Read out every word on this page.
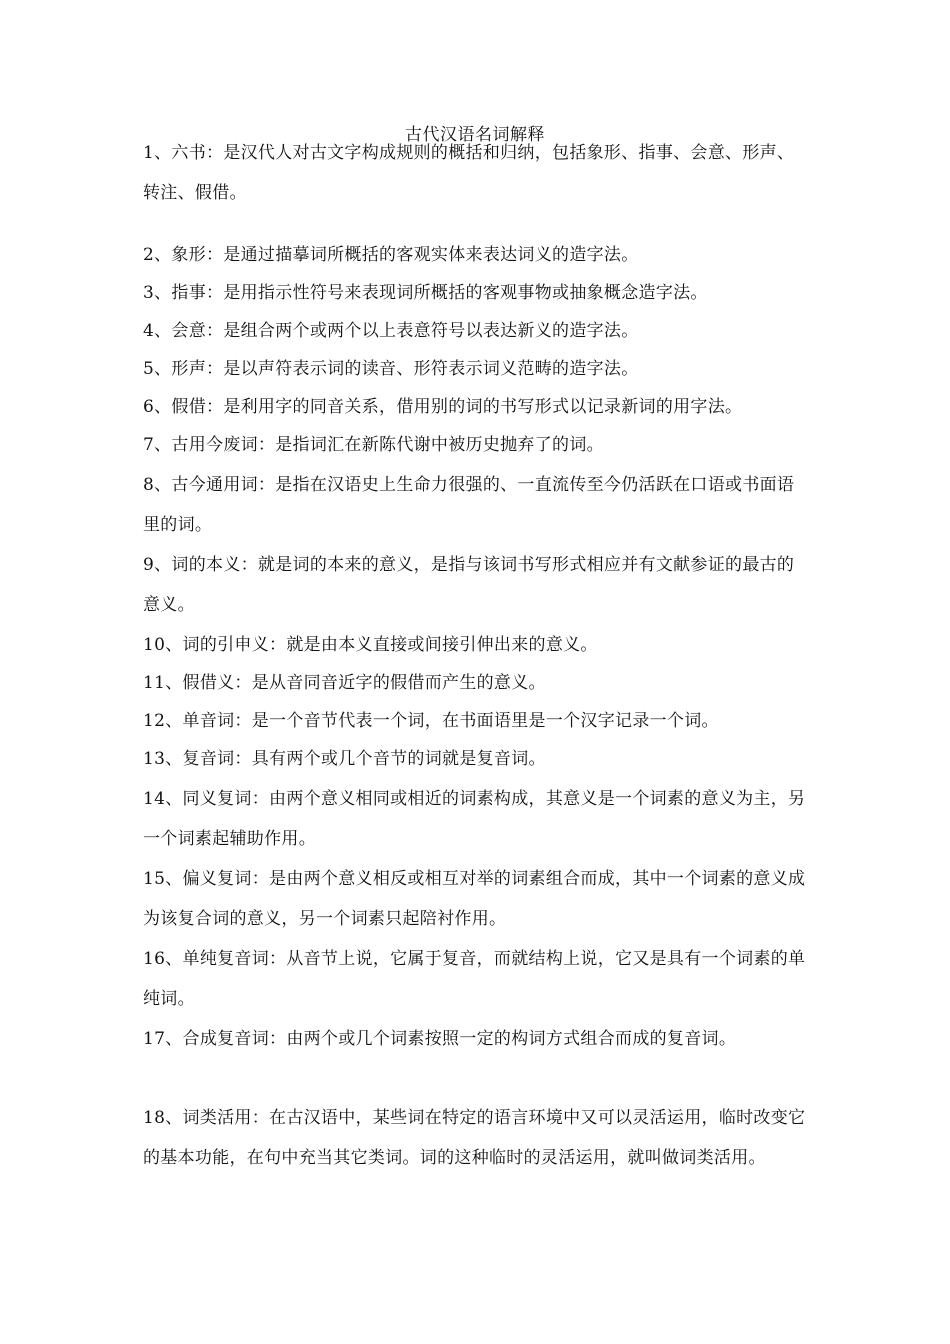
古代汉语名词解释
1、六书：是汉代人对古文字构成规则的概括和归纳，包括象形、指事、会意、形声、转注、假借。
2、象形：是通过描摹词所概括的客观实体来表达词义的造字法。
3、指事：是用指示性符号来表现词所概括的客观事物或抽象概念造字法。
4、会意：是组合两个或两个以上表意符号以表达新义的造字法。
5、形声：是以声符表示词的读音、形符表示词义范畴的造字法。
6、假借：是利用字的同音关系，借用别的词的书写形式以记录新词的用字法。
7、古用今废词：是指词汇在新陈代谢中被历史抛弃了的词。
8、古今通用词：是指在汉语史上生命力很强的、一直流传至今仍活跃在口语或书面语里的词。
9、词的本义：就是词的本来的意义，是指与该词书写形式相应并有文献参证的最古的意义。
10、词的引申义：就是由本义直接或间接引伸出来的意义。
11、假借义：是从音同音近字的假借而产生的意义。
12、单音词：是一个音节代表一个词，在书面语里是一个汉字记录一个词。
13、复音词：具有两个或几个音节的词就是复音词。
14、同义复词：由两个意义相同或相近的词素构成，其意义是一个词素的意义为主，另一个词素起辅助作用。
15、偏义复词：是由两个意义相反或相互对举的词素组合而成，其中一个词素的意义成为该复合词的意义，另一个词素只起陪衬作用。
16、单纯复音词：从音节上说，它属于复音，而就结构上说，它又是具有一个词素的单纯词。
17、合成复音词：由两个或几个词素按照一定的构词方式组合而成的复音词。
18、词类活用：在古汉语中，某些词在特定的语言环境中又可以灵活运用，临时改变它的基本功能，在句中充当其它类词。词的这种临时的灵活运用，就叫做词类活用。
